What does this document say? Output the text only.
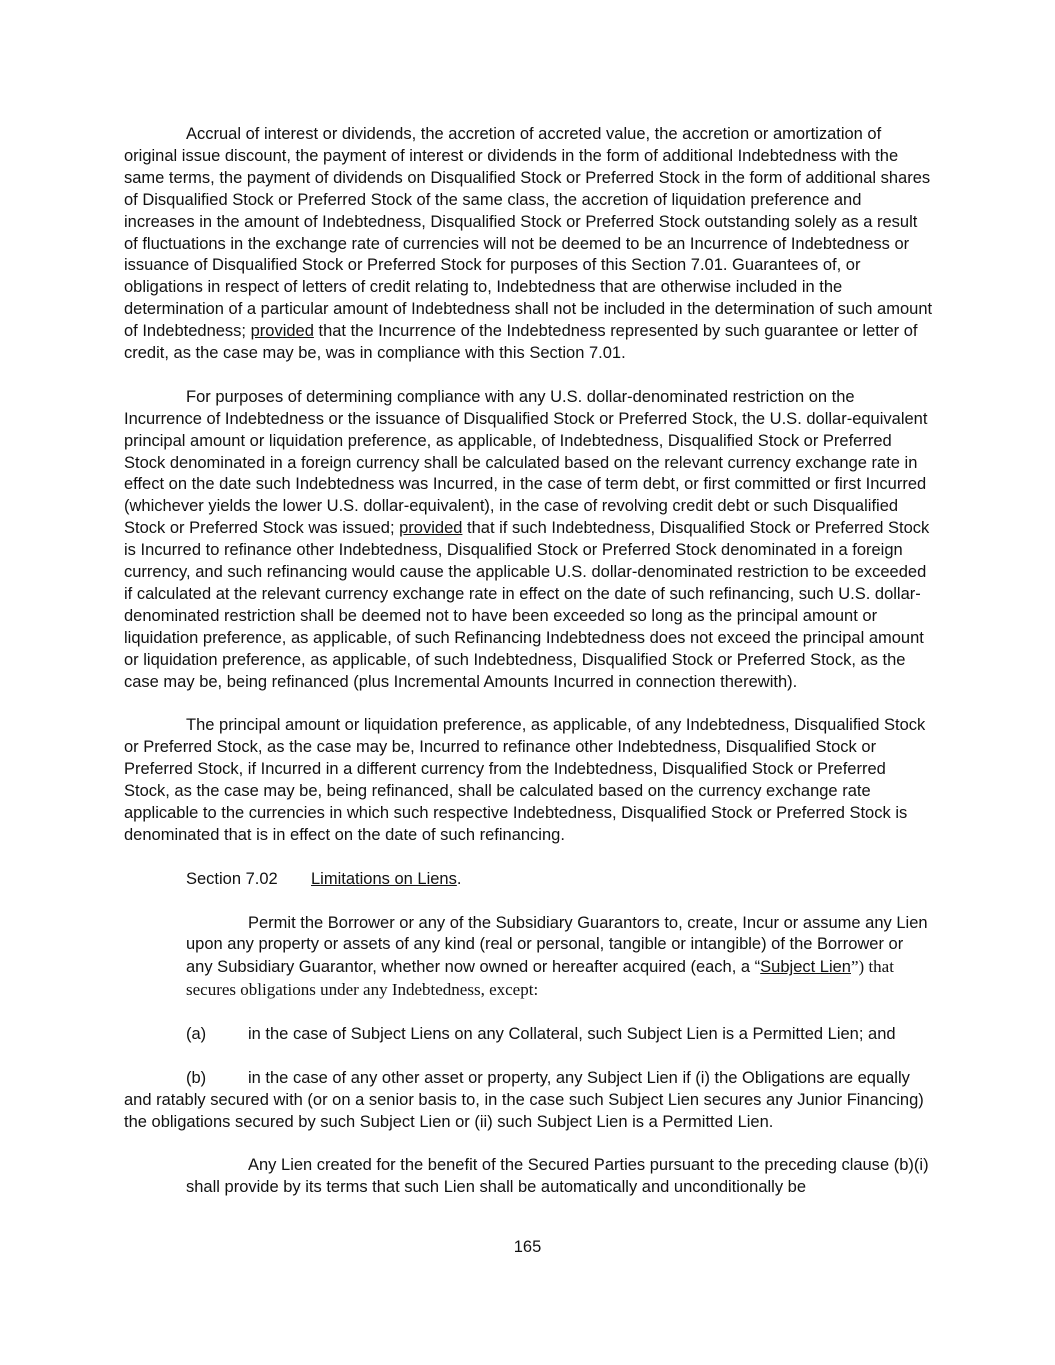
Accrual of interest or dividends, the accretion of accreted value, the accretion or amortization of original issue discount, the payment of interest or dividends in the form of additional Indebtedness with the same terms, the payment of dividends on Disqualified Stock or Preferred Stock in the form of additional shares of Disqualified Stock or Preferred Stock of the same class, the accretion of liquidation preference and increases in the amount of Indebtedness, Disqualified Stock or Preferred Stock outstanding solely as a result of fluctuations in the exchange rate of currencies will not be deemed to be an Incurrence of Indebtedness or issuance of Disqualified Stock or Preferred Stock for purposes of this Section 7.01. Guarantees of, or obligations in respect of letters of credit relating to, Indebtedness that are otherwise included in the determination of a particular amount of Indebtedness shall not be included in the determination of such amount of Indebtedness; provided that the Incurrence of the Indebtedness represented by such guarantee or letter of credit, as the case may be, was in compliance with this Section 7.01.

For purposes of determining compliance with any U.S. dollar-denominated restriction on the Incurrence of Indebtedness or the issuance of Disqualified Stock or Preferred Stock, the U.S. dollar-equivalent principal amount or liquidation preference, as applicable, of Indebtedness, Disqualified Stock or Preferred Stock denominated in a foreign currency shall be calculated based on the relevant currency exchange rate in effect on the date such Indebtedness was Incurred, in the case of term debt, or first committed or first Incurred (whichever yields the lower U.S. dollar-equivalent), in the case of revolving credit debt or such Disqualified Stock or Preferred Stock was issued; provided that if such Indebtedness, Disqualified Stock or Preferred Stock is Incurred to refinance other Indebtedness, Disqualified Stock or Preferred Stock denominated in a foreign currency, and such refinancing would cause the applicable U.S. dollar-denominated restriction to be exceeded if calculated at the relevant currency exchange rate in effect on the date of such refinancing, such U.S. dollar-denominated restriction shall be deemed not to have been exceeded so long as the principal amount or liquidation preference, as applicable, of such Refinancing Indebtedness does not exceed the principal amount or liquidation preference, as applicable, of such Indebtedness, Disqualified Stock or Preferred Stock, as the case may be, being refinanced (plus Incremental Amounts Incurred in connection therewith).

The principal amount or liquidation preference, as applicable, of any Indebtedness, Disqualified Stock or Preferred Stock, as the case may be, Incurred to refinance other Indebtedness, Disqualified Stock or Preferred Stock, if Incurred in a different currency from the Indebtedness, Disqualified Stock or Preferred Stock, as the case may be, being refinanced, shall be calculated based on the currency exchange rate applicable to the currencies in which such respective Indebtedness, Disqualified Stock or Preferred Stock is denominated that is in effect on the date of such refinancing.

Section 7.02 Limitations on Liens.

Permit the Borrower or any of the Subsidiary Guarantors to, create, Incur or assume any Lien upon any property or assets of any kind (real or personal, tangible or intangible) of the Borrower or any Subsidiary Guarantor, whether now owned or hereafter acquired (each, a “Subject Lien”) that secures obligations under any Indebtedness, except:

(a)	in the case of Subject Liens on any Collateral, such Subject Lien is a Permitted Lien; and

(b)	in the case of any other asset or property, any Subject Lien if (i) the Obligations are equally and ratably secured with (or on a senior basis to, in the case such Subject Lien secures any Junior Financing) the obligations secured by such Subject Lien or (ii) such Subject Lien is a Permitted Lien.

Any Lien created for the benefit of the Secured Parties pursuant to the preceding clause (b)(i) shall provide by its terms that such Lien shall be automatically and unconditionally be

165
